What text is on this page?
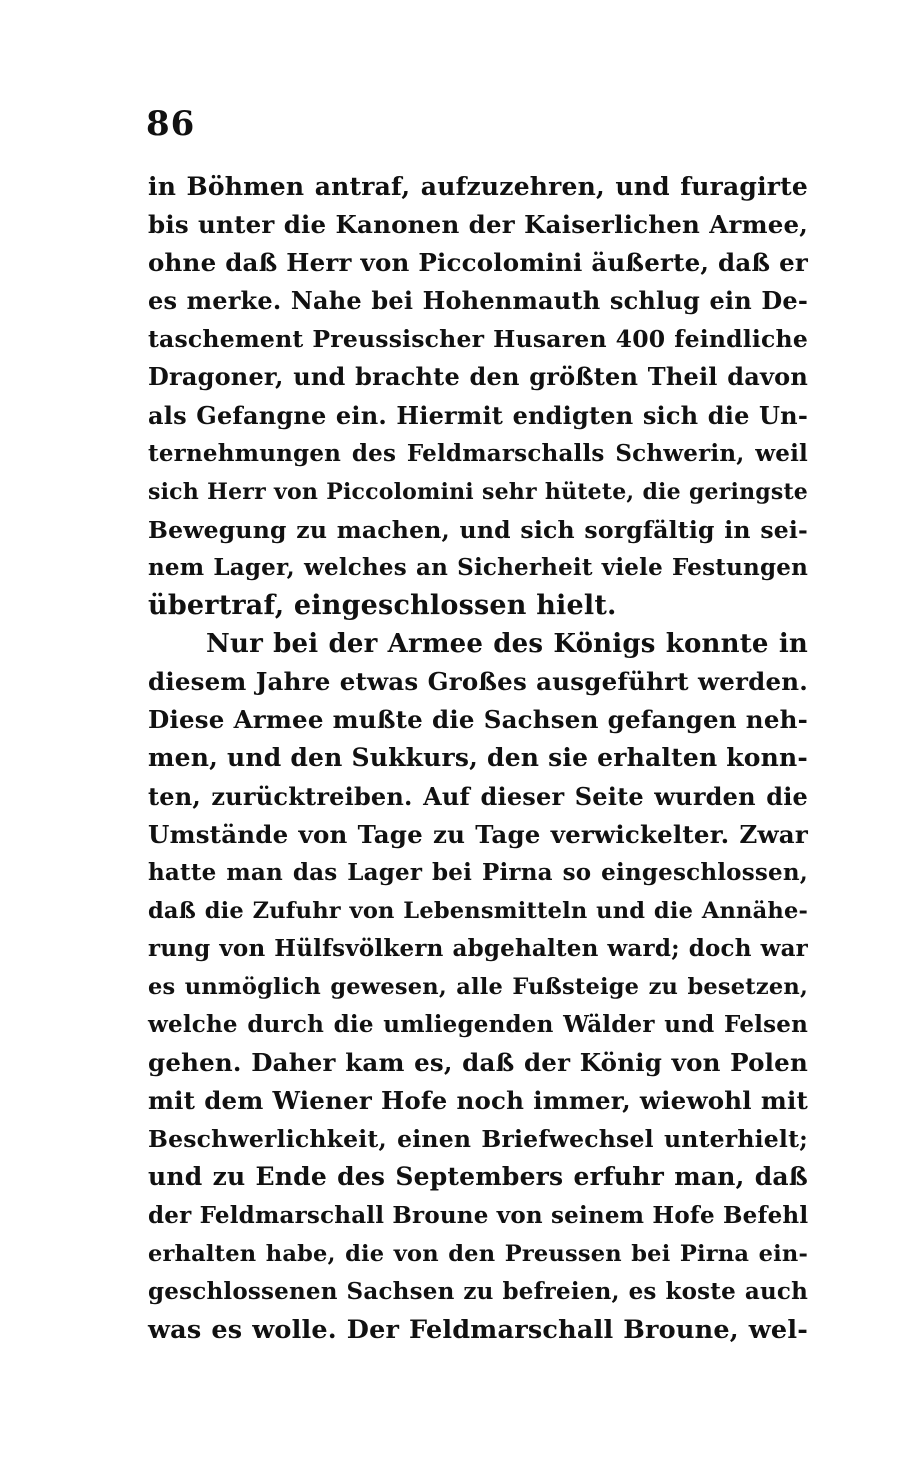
86
in Böhmen antraf, aufzuzehren, und furagirte
bis unter die Kanonen der Kaiserlichen Armee,
ohne daß Herr von Piccolomini äußerte, daß er
es merke. Nahe bei Hohenmauth schlug ein De-
taschement Preussischer Husaren 400 feindliche
Dragoner, und brachte den größten Theil davon
als Gefangne ein. Hiermit endigten sich die Un-
ternehmungen des Feldmarschalls Schwerin, weil
sich Herr von Piccolomini sehr hütete, die geringste
Bewegung zu machen, und sich sorgfältig in sei-
nem Lager, welches an Sicherheit viele Festungen
übertraf, eingeschlossen hielt.
Nur bei der Armee des Königs konnte in
diesem Jahre etwas Großes ausgeführt werden.
Diese Armee mußte die Sachsen gefangen neh-
men, und den Sukkurs, den sie erhalten konn-
ten, zurücktreiben. Auf dieser Seite wurden die
Umstände von Tage zu Tage verwickelter. Zwar
hatte man das Lager bei Pirna so eingeschlossen,
daß die Zufuhr von Lebensmitteln und die Annähe-
rung von Hülfsvölkern abgehalten ward; doch war
es unmöglich gewesen, alle Fußsteige zu besetzen,
welche durch die umliegenden Wälder und Felsen
gehen. Daher kam es, daß der König von Polen
mit dem Wiener Hofe noch immer, wiewohl mit
Beschwerlichkeit, einen Briefwechsel unterhielt;
und zu Ende des Septembers erfuhr man, daß
der Feldmarschall Broune von seinem Hofe Befehl
erhalten habe, die von den Preussen bei Pirna ein-
geschlossenen Sachsen zu befreien, es koste auch
was es wolle. Der Feldmarschall Broune, wel-
